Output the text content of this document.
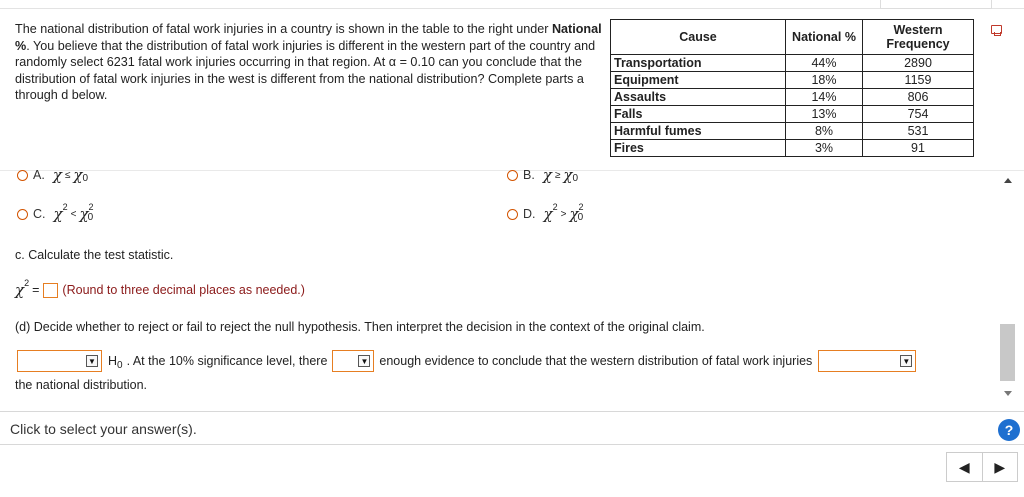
The national distribution of fatal work injuries in a country is shown in the table to the right under National %. You believe that the distribution of fatal work injuries is different in the western part of the country and randomly select 6231 fatal work injuries occurring in that region. At α = 0.10 can you conclude that the distribution of fatal work injuries in the west is different from the national distribution? Complete parts a through d below.
Cause	National %	Western Frequency
Transportation	44%	2890
Equipment	18%	1159
Assaults	14%	806
Falls	13%	754
Harmful fumes	8%	531
Fires	3%	91
A. χ ≤ χ 0	B. χ ≥ χ 0
C. χ 2
< χ 2
0	D. χ 2
> χ 2
0
c. Calculate the test statistic.
χ 2 = (Round to three decimal places as needed.)
(d) Decide whether to reject or fail to reject the null hypothesis. Then interpret the decision in the context of the original claim.
▼ $H_0$ . At the 10% significance level, there	▼ enough evidence to conclude that the western distribution of fatal work injuries	▼
the national distribution.
Click to select your answer(s).	?
◀	▶
